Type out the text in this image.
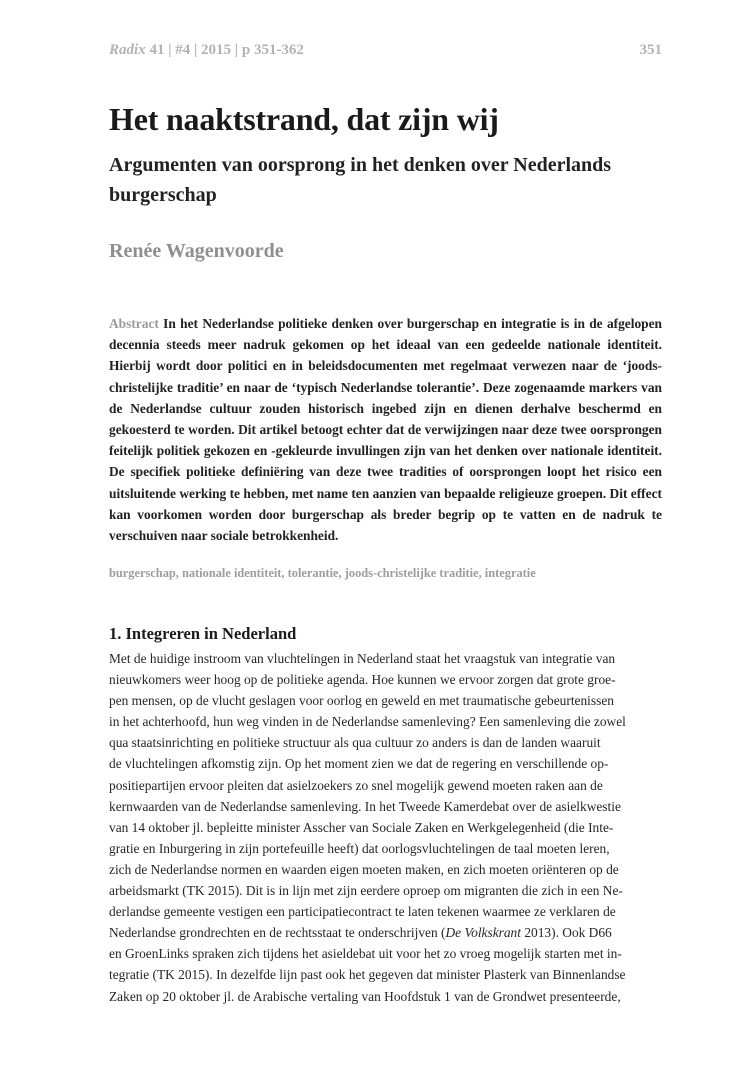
Radix 41 | #4 | 2015 | p 351-362	351
Het naaktstrand, dat zijn wij
Argumenten van oorsprong in het denken over Nederlands burgerschap
Renée Wagenvoorde

Abstract In het Nederlandse politieke denken over burgerschap en integratie is in de afgelopen decennia steeds meer nadruk gekomen op het ideaal van een gedeelde nationale identiteit. Hierbij wordt door politici en in beleidsdocumenten met regelmaat verwezen naar de ‘joods-christelijke traditie’ en naar de ‘typisch Nederlandse tolerantie’. Deze zogenaamde markers van de Nederlandse cultuur zouden historisch ingebed zijn en dienen derhalve beschermd en gekoesterd te worden. Dit artikel betoogt echter dat de verwijzingen naar deze twee oorsprongen feitelijk politiek gekozen en -gekleurde invullingen zijn van het denken over nationale identiteit. De specifiek politieke definiëring van deze twee tradities of oorsprongen loopt het risico een uitsluitende werking te hebben, met name ten aanzien van bepaalde religieuze groepen. Dit effect kan voorkomen worden door burgerschap als breder begrip op te vatten en de nadruk te verschuiven naar sociale betrokkenheid.

burgerschap, nationale identiteit, tolerantie, joods-christelijke traditie, integratie
1. Integreren in Nederland
Met de huidige instroom van vluchtelingen in Nederland staat het vraagstuk van integratie van
nieuwkomers weer hoog op de politieke agenda. Hoe kunnen we ervoor zorgen dat grote groe-
pen mensen, op de vlucht geslagen voor oorlog en geweld en met traumatische gebeurtenissen
in het achterhoofd, hun weg vinden in de Nederlandse samenleving? Een samenleving die zowel
qua staatsinrichting en politieke structuur als qua cultuur zo anders is dan de landen waaruit
de vluchtelingen afkomstig zijn. Op het moment zien we dat de regering en verschillende op-
positiepartijen ervoor pleiten dat asielzoekers zo snel mogelijk gewend moeten raken aan de
kernwaarden van de Nederlandse samenleving. In het Tweede Kamerdebat over de asielkwestie
van 14 oktober jl. bepleitte minister Asscher van Sociale Zaken en Werkgelegenheid (die Inte-
gratie en Inburgering in zijn portefeuille heeft) dat oorlogsvluchtelingen de taal moeten leren,
zich de Nederlandse normen en waarden eigen moeten maken, en zich moeten oriënteren op de
arbeidsmarkt (TK 2015). Dit is in lijn met zijn eerdere oproep om migranten die zich in een Ne-
derlandse gemeente vestigen een participatiecontract te laten tekenen waarmee ze verklaren de
Nederlandse grondrechten en de rechtsstaat te onderschrijven (De Volkskrant 2013). Ook D66
en GroenLinks spraken zich tijdens het asieldebat uit voor het zo vroeg mogelijk starten met in-
tegratie (TK 2015). In dezelfde lijn past ook het gegeven dat minister Plasterk van Binnenlandse
Zaken op 20 oktober jl. de Arabische vertaling van Hoofdstuk 1 van de Grondwet presenteerde,
